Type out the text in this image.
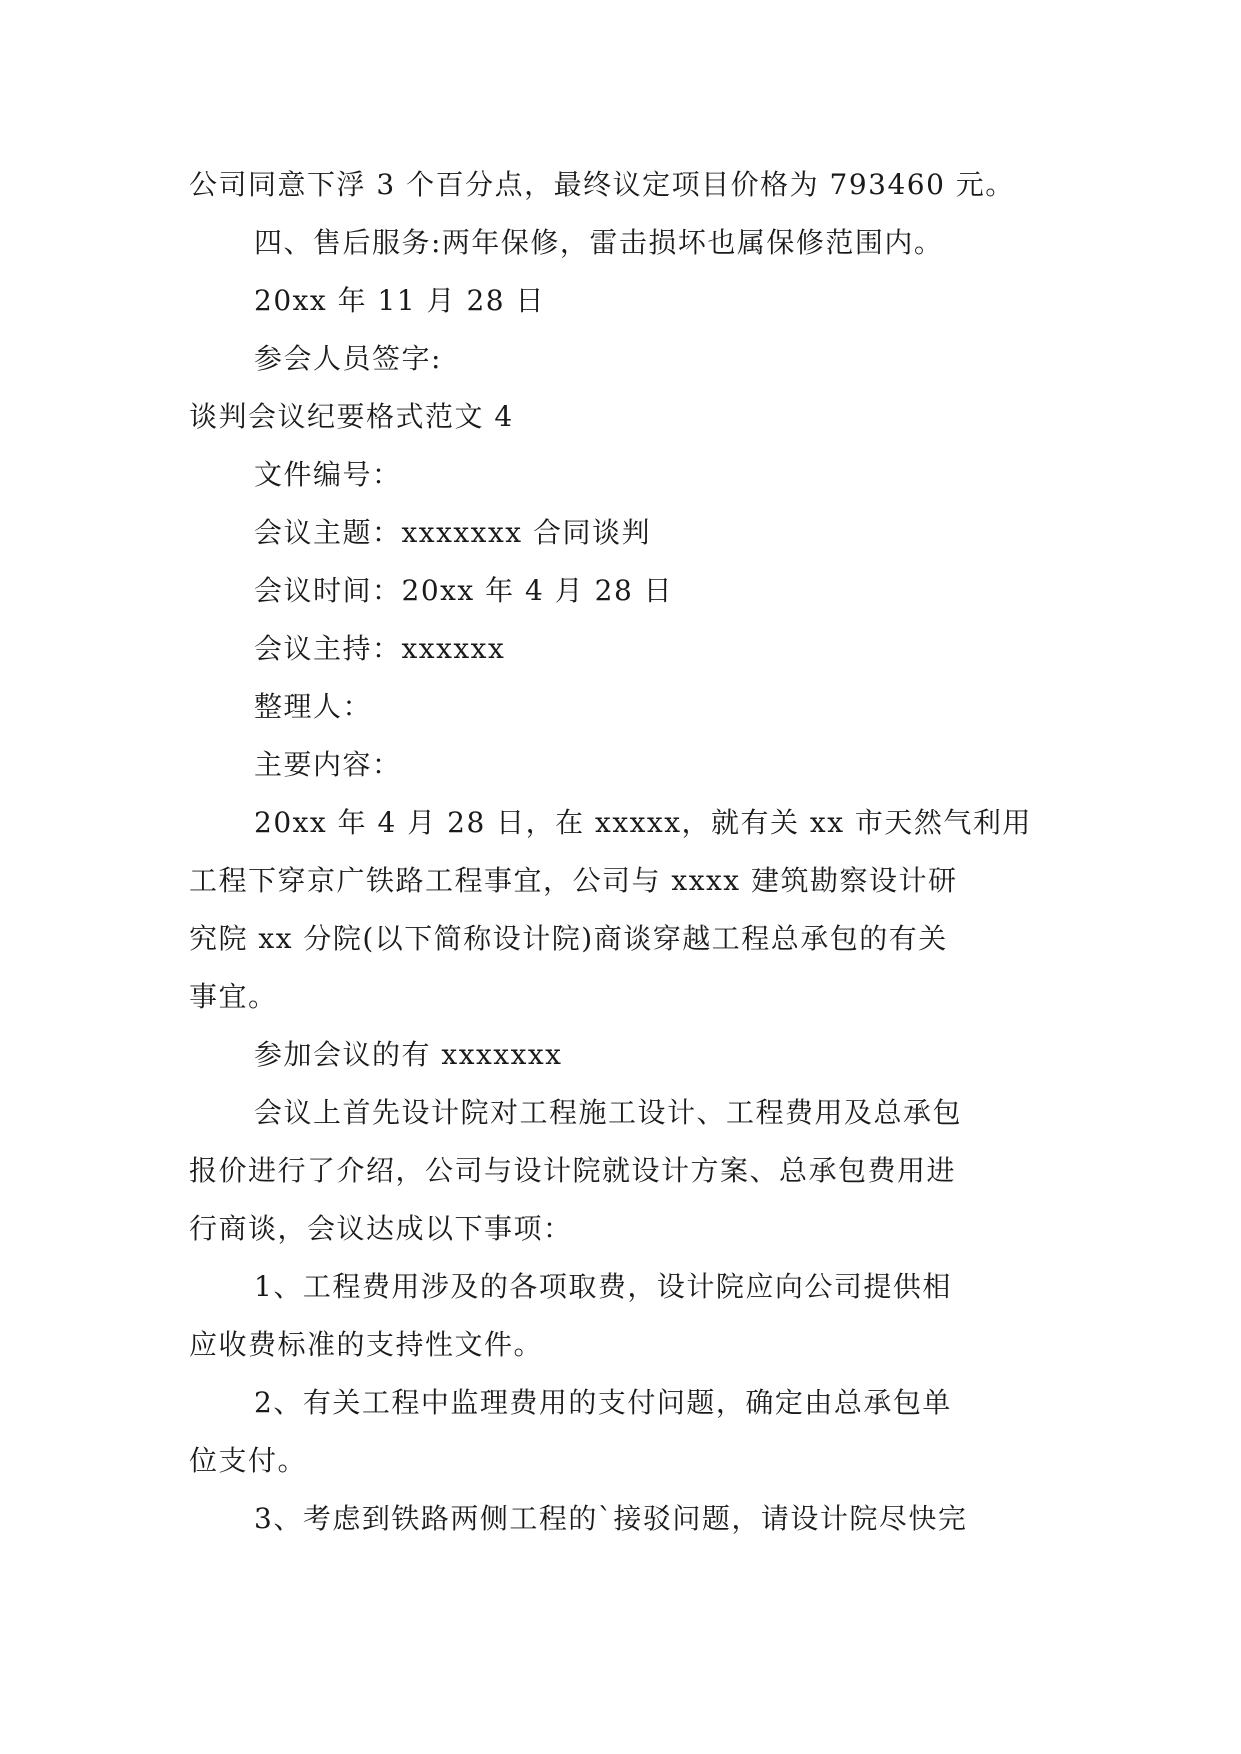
公司同意下浮 3 个百分点，最终议定项目价格为 793460 元。
四、售后服务:两年保修，雷击损坏也属保修范围内。
20xx 年 11 月 28 日
参会人员签字:
谈判会议纪要格式范文 4
文件编号：
会议主题：xxxxxxx 合同谈判
会议时间：20xx 年 4 月 28 日
会议主持：xxxxxx
整理人：
主要内容：
20xx 年 4 月 28 日，在 xxxxx，就有关 xx 市天然气利用
工程下穿京广铁路工程事宜，公司与 xxxx 建筑勘察设计研
究院 xx 分院(以下简称设计院)商谈穿越工程总承包的有关
事宜。
参加会议的有 xxxxxxx
会议上首先设计院对工程施工设计、工程费用及总承包
报价进行了介绍，公司与设计院就设计方案、总承包费用进
行商谈，会议达成以下事项：
1、工程费用涉及的各项取费，设计院应向公司提供相
应收费标准的支持性文件。
2、有关工程中监理费用的支付问题，确定由总承包单
位支付。
3、考虑到铁路两侧工程的`接驳问题，请设计院尽快完
